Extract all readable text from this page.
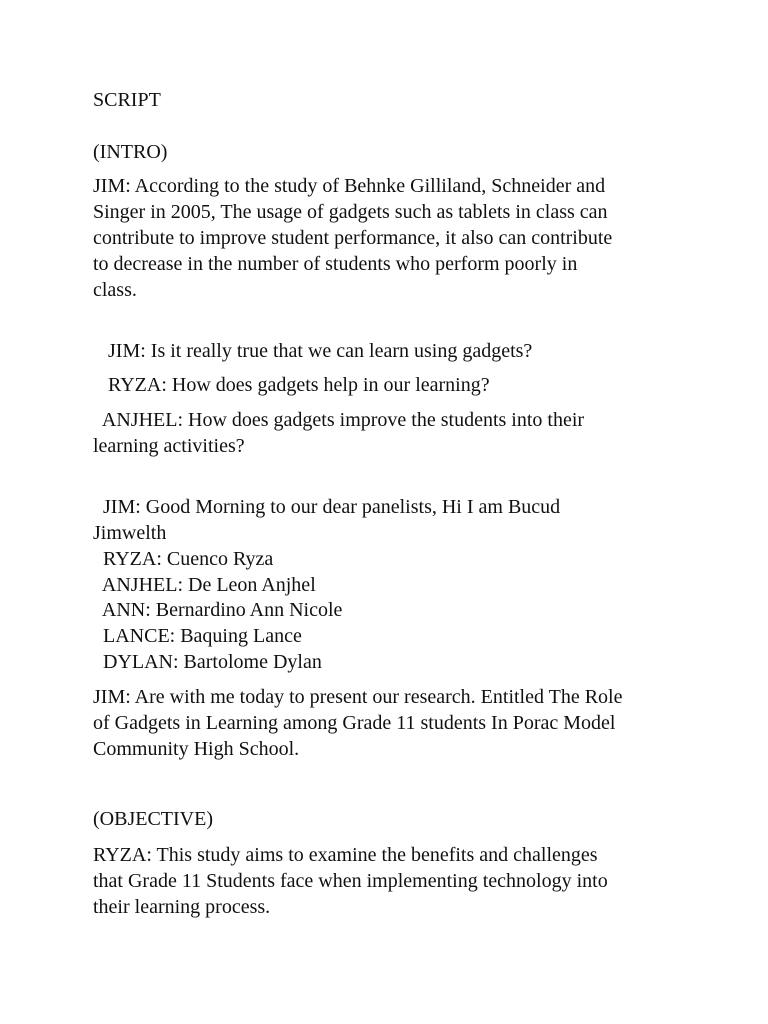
SCRIPT

(INTRO)

JIM: According to the study of Behnke Gilliland, Schneider and

Singer in 2005, The usage of gadgets such as tablets in class can

contribute to improve student performance, it also can contribute

to decrease in the number of students who perform poorly in

class.

JIM: Is it really true that we can learn using gadgets?

RYZA: How does gadgets help in our learning?

ANJHEL: How does gadgets improve the students into their

learning activities?

JIM: Good Morning to our dear panelists, Hi I am Bucud

Jimwelth

RYZA: Cuenco Ryza

ANJHEL: De Leon Anjhel

ANN: Bernardino Ann Nicole

LANCE: Baquing Lance

DYLAN: Bartolome Dylan

JIM: Are with me today to present our research. Entitled The Role

of Gadgets in Learning among Grade 11 students In Porac Model

Community High School.

(OBJECTIVE)

RYZA: This study aims to examine the benefits and challenges

that Grade 11 Students face when implementing technology into

their learning process.
